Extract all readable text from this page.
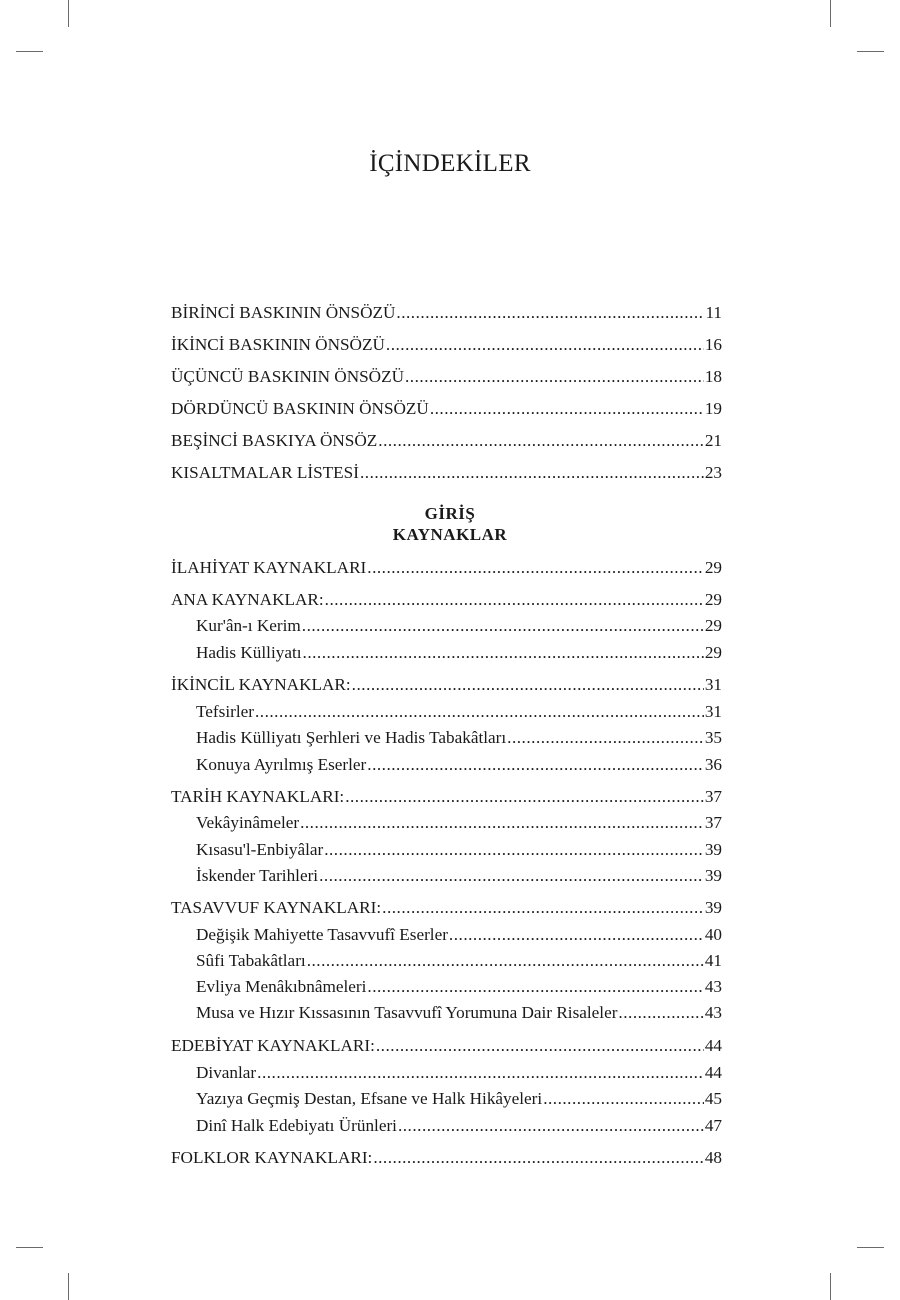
İÇİNDEKİLER
BİRİNCİ BASKININ ÖNSÖZÜ .....	11
İKİNCİ BASKININ ÖNSÖZÜ .....	16
ÜÇÜNCÜ BASKININ ÖNSÖZÜ .....	18
DÖRDÜNCÜ BASKININ ÖNSÖZÜ .....	19
BEŞİNCİ BASKIYA ÖNSÖZ .....	21
KISALTMALAR LİSTESİ .....	23
GİRİŞ
KAYNAKLAR
İLAHİYAT KAYNAKLARI .....	29
ANA KAYNAKLAR: .....	29
Kur'ân-ı Kerim .....	29
Hadis Külliyatı .....	29
İKİNCİL KAYNAKLAR: .....	31
Tefsirler .....	31
Hadis Külliyatı Şerhleri ve Hadis Tabakâtları .....	35
Konuya Ayrılmış Eserler .....	36
TARİH KAYNAKLARI: .....	37
Vekâyinâmeler .....	37
Kısasu'l-Enbiyâlar .....	39
İskender Tarihleri .....	39
TASAVVUF KAYNAKLARI: .....	39
Değişik Mahiyette Tasavvufî Eserler .....	40
Sûfi Tabakâtları .....	41
Evliya Menâkıbnâmeleri .....	43
Musa ve Hızır Kıssasının Tasavvufî Yorumuna Dair Risaleler .....	43
EDEBİYAT KAYNAKLARI: .....	44
Divanlar .....	44
Yazıya Geçmiş Destan, Efsane ve Halk Hikâyeleri .....	45
Dinî Halk Edebiyatı Ürünleri .....	47
FOLKLOR KAYNAKLARI: .....	48
